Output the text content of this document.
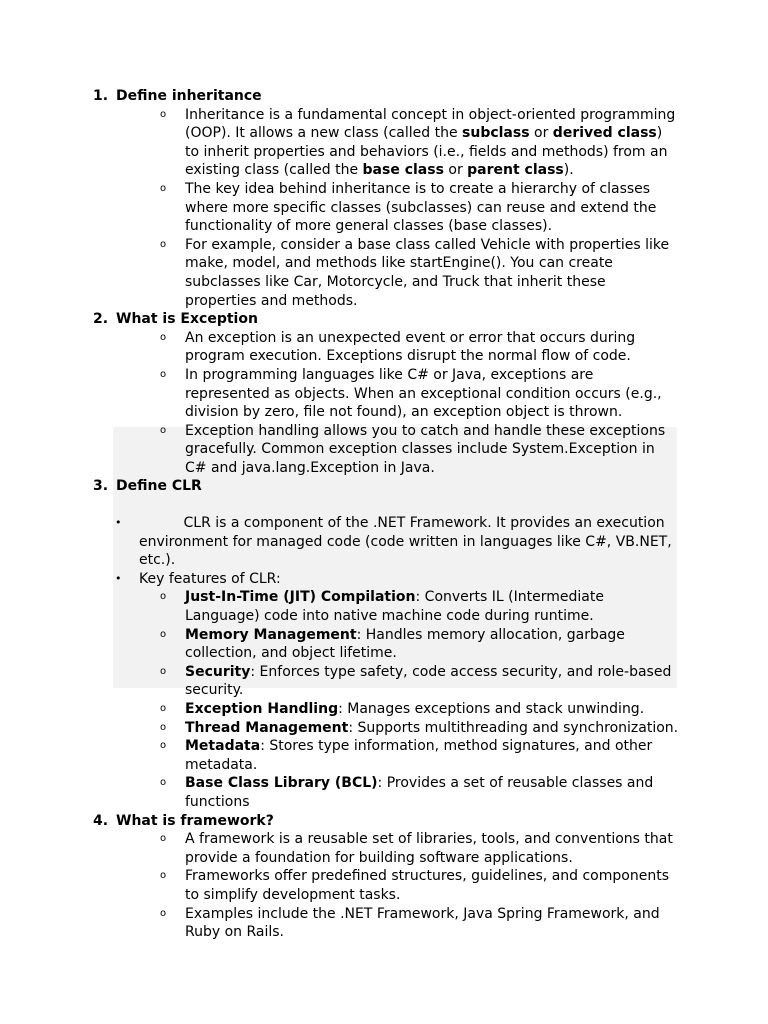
1. Define inheritance
o Inheritance is a fundamental concept in object-oriented programming (OOP). It allows a new class (called the subclass or derived class) to inherit properties and behaviors (i.e., fields and methods) from an existing class (called the base class or parent class).
o The key idea behind inheritance is to create a hierarchy of classes where more specific classes (subclasses) can reuse and extend the functionality of more general classes (base classes).
o For example, consider a base class called Vehicle with properties like make, model, and methods like startEngine(). You can create subclasses like Car, Motorcycle, and Truck that inherit these properties and methods.
2. What is Exception
o An exception is an unexpected event or error that occurs during program execution. Exceptions disrupt the normal flow of code.
o In programming languages like C# or Java, exceptions are represented as objects. When an exceptional condition occurs (e.g., division by zero, file not found), an exception object is thrown.
o Exception handling allows you to catch and handle these exceptions gracefully. Common exception classes include System.Exception in C# and java.lang.Exception in Java.
3. Define CLR
• CLR is a component of the .NET Framework. It provides an execution environment for managed code (code written in languages like C#, VB.NET, etc.).
• Key features of CLR:
o Just-In-Time (JIT) Compilation: Converts IL (Intermediate Language) code into native machine code during runtime.
o Memory Management: Handles memory allocation, garbage collection, and object lifetime.
o Security: Enforces type safety, code access security, and role-based security.
o Exception Handling: Manages exceptions and stack unwinding.
o Thread Management: Supports multithreading and synchronization.
o Metadata: Stores type information, method signatures, and other metadata.
o Base Class Library (BCL): Provides a set of reusable classes and functions
4. What is framework?
o A framework is a reusable set of libraries, tools, and conventions that provide a foundation for building software applications.
o Frameworks offer predefined structures, guidelines, and components to simplify development tasks.
o Examples include the .NET Framework, Java Spring Framework, and Ruby on Rails.
